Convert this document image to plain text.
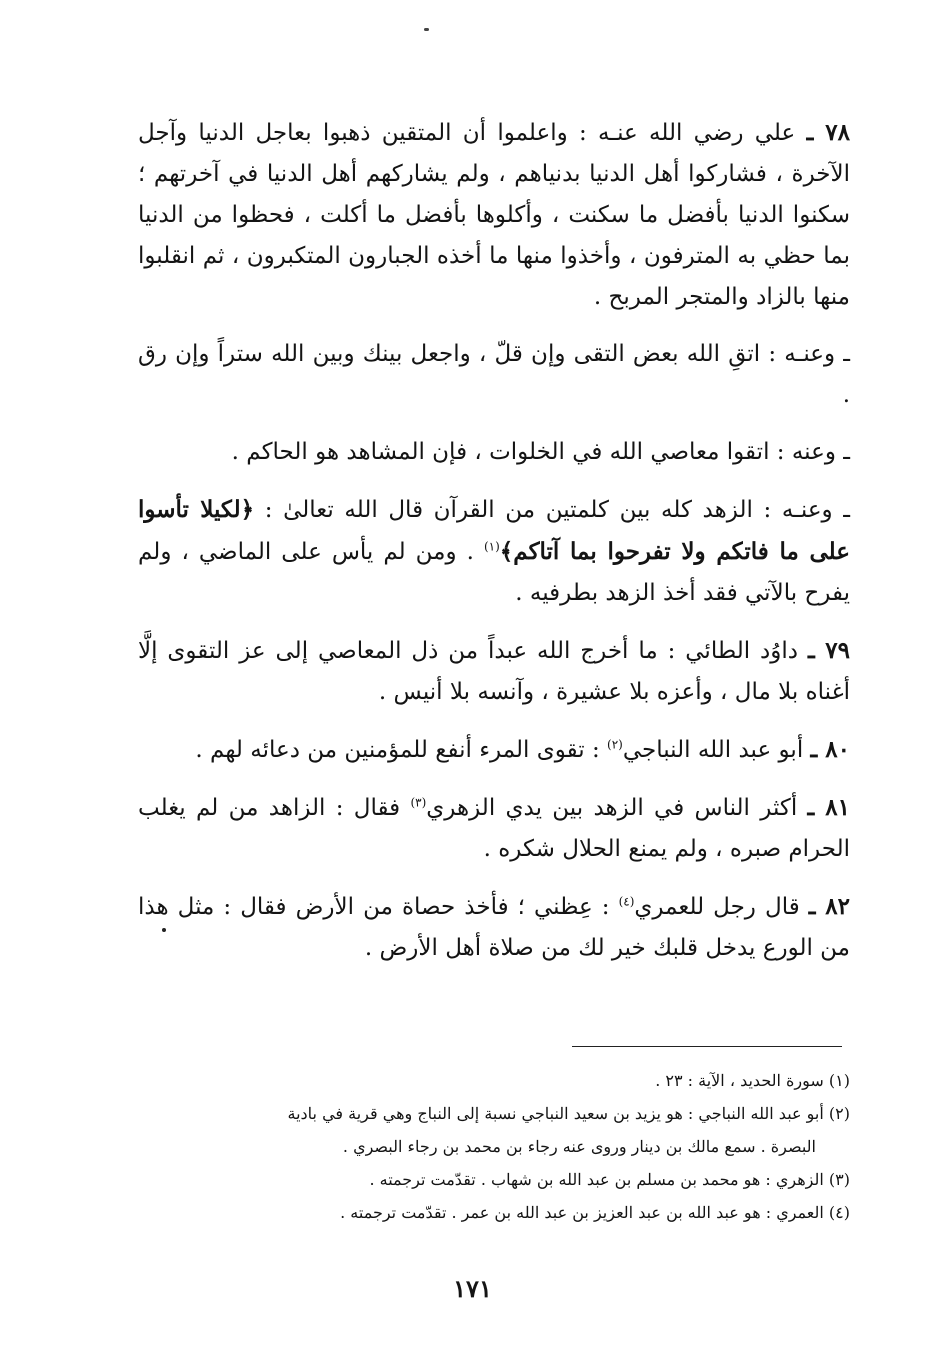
٧٨ ـ علي رضي الله عنـه : واعلموا أن المتقين ذهبوا بعاجل الدنيا وآجل الآخرة ، فشاركوا أهل الدنيا بدنياهم ، ولم يشاركهم أهل الدنيا في آخرتهم ؛ سكنوا الدنيا بأفضل ما سكنت ، وأكلوها بأفضل ما أكلت ، فحظوا من الدنيا بما حظي به المترفون ، وأخذوا منها ما أخذه الجبارون المتكبرون ، ثم انقلبوا منها بالزاد والمتجر المربح .

ـ وعنـه : اتقِ الله بعض التقى وإن قلّ ، واجعل بينك وبين الله ستراً وإن رق .

ـ وعنه : اتقوا معاصي الله في الخلوات ، فإن المشاهد هو الحاكم .

ـ وعنـه : الزهد كله بين كلمتين من القرآن قال الله تعالىٰ : ﴿لكيلا تأسوا على ما فاتكم ولا تفرحوا بما آتاكم﴾$^{(١)}$ . ومن لم يأس على الماضي ، ولم يفرح بالآتي فقد أخذ الزهد بطرفيه .

٧٩ ـ داوُد الطائي : ما أخرج الله عبداً من ذل المعاصي إلى عز التقوى إلَّا أغناه بلا مال ، وأعزه بلا عشيرة ، وآنسه بلا أنيس .

٨٠ ـ أبو عبد الله النباجي$^{(٢)}$ : تقوى المرء أنفع للمؤمنين من دعائه لهم .

٨١ ـ أكثر الناس في الزهد بين يدي الزهري$^{(٣)}$ فقال : الزاهد من لم يغلب الحرام صبره ، ولم يمنع الحلال شكره .

٨٢ ـ قال رجل للعمري$^{(٤)}$ : عِظني ؛ فأخذ حصاة من الأرض فقال : مثل هذا من الورع يدخل قلبك خير لك من صلاة أهل الأرض .

(١) سورة الحديد ، الآية : ٢٣ .

(٢) أبو عبد الله النباجي : هو يزيد بن سعيد النباجي نسبة إلى النباج وهي قرية في بادية

البصرة . سمع مالك بن دينار وروى عنه رجاء بن محمد بن رجاء البصري .

(٣) الزهري : هو محمد بن مسلم بن عبد الله بن شهاب . تقدّمت ترجمته .

(٤) العمري : هو عبد الله بن عبد العزيز بن عبد الله بن عمر . تقدّمت ترجمته .

١٧١
